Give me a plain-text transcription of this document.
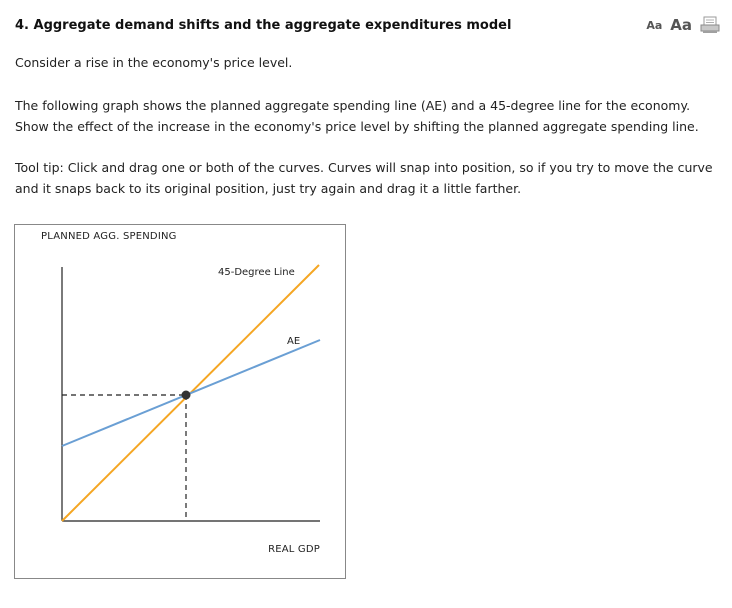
4. Aggregate demand shifts and the aggregate expenditures model	Aa Aa
Consider a rise in the economy's price level.
The following graph shows the planned aggregate spending line (AE) and a 45-degree line for the economy. Show the effect of the increase in the economy's price level by shifting the planned aggregate spending line.
Tool tip: Click and drag one or both of the curves. Curves will snap into position, so if you try to move the curve and it snaps back to its original position, just try again and drag it a little farther.
PLANNED AGG. SPENDING
45-Degree Line
AE
REAL GDP
